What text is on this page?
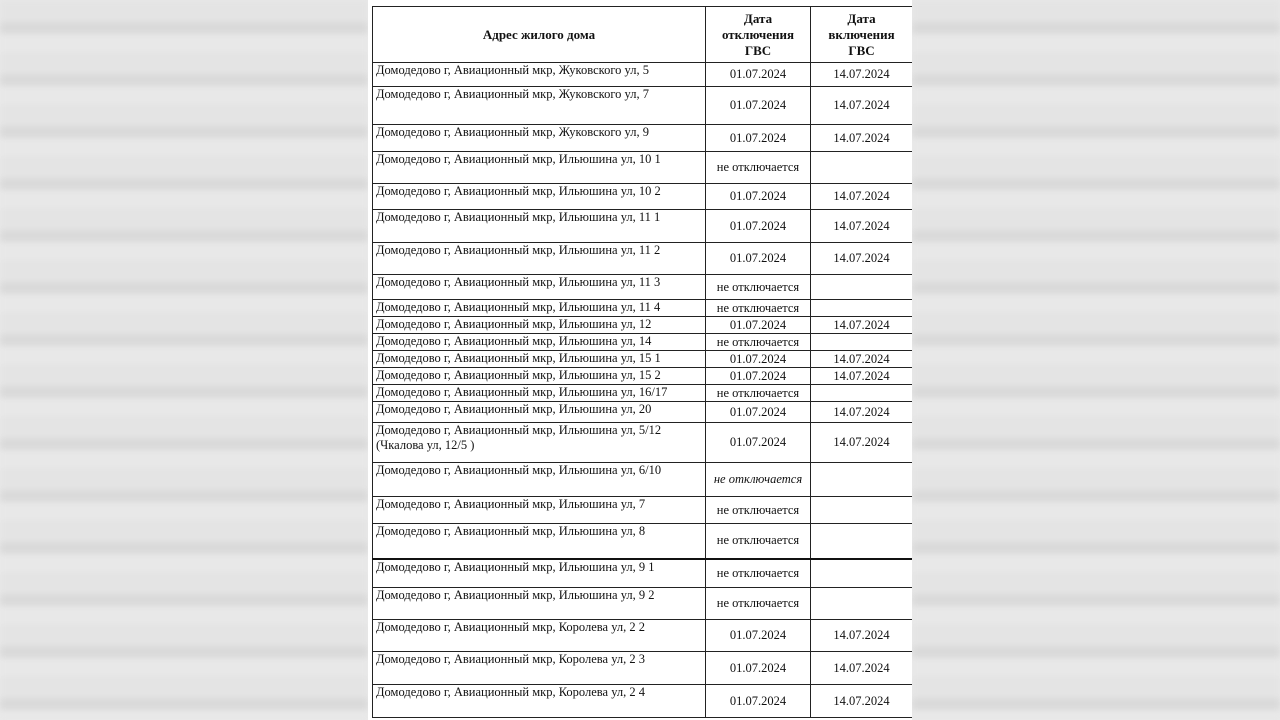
Адрес жилого дома	Дата отключения ГВС	Дата включения ГВС
Домодедово г, Авиационный мкр, Жуковского ул, 5	01.07.2024	14.07.2024
Домодедово г, Авиационный мкр, Жуковского ул, 7	01.07.2024	14.07.2024
Домодедово г, Авиационный мкр, Жуковского ул, 9	01.07.2024	14.07.2024
Домодедово г, Авиационный мкр, Ильюшина ул, 10 1	не отключается	
Домодедово г, Авиационный мкр, Ильюшина ул, 10 2	01.07.2024	14.07.2024
Домодедово г, Авиационный мкр, Ильюшина ул, 11 1	01.07.2024	14.07.2024
Домодедово г, Авиационный мкр, Ильюшина ул, 11 2	01.07.2024	14.07.2024
Домодедово г, Авиационный мкр, Ильюшина ул, 11 3	не отключается	
Домодедово г, Авиационный мкр, Ильюшина ул, 11 4	не отключается	
Домодедово г, Авиационный мкр, Ильюшина ул, 12	01.07.2024	14.07.2024
Домодедово г, Авиационный мкр, Ильюшина ул, 14	не отключается	
Домодедово г, Авиационный мкр, Ильюшина ул, 15 1	01.07.2024	14.07.2024
Домодедово г, Авиационный мкр, Ильюшина ул, 15 2	01.07.2024	14.07.2024
Домодедово г, Авиационный мкр, Ильюшина ул, 16/17	не отключается	
Домодедово г, Авиационный мкр, Ильюшина ул, 20	01.07.2024	14.07.2024

Домодедово г, Авиационный мкр, Ильюшина ул, 5/12
(Чкалова ул, 12/5 )	01.07.2024	14.07.2024
Домодедово г, Авиационный мкр, Ильюшина ул, 6/10	не отключается	
Домодедово г, Авиационный мкр, Ильюшина ул, 7	не отключается	
Домодедово г, Авиационный мкр, Ильюшина ул, 8	не отключается	
Домодедово г, Авиационный мкр, Ильюшина ул, 9 1	не отключается	
Домодедово г, Авиационный мкр, Ильюшина ул, 9 2	не отключается	
Домодедово г, Авиационный мкр, Королева ул, 2 2	01.07.2024	14.07.2024
Домодедово г, Авиационный мкр, Королева ул, 2 3	01.07.2024	14.07.2024
Домодедово г, Авиационный мкр, Королева ул, 2 4	01.07.2024	14.07.2024
